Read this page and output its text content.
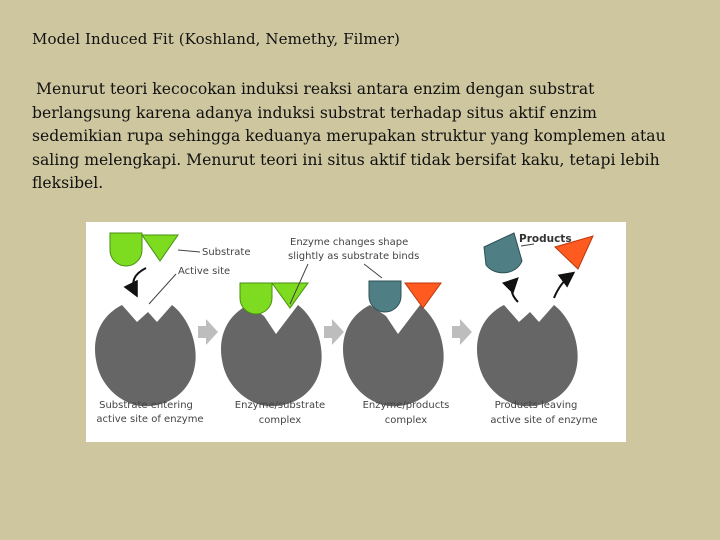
Model Induced Fit (Koshland, Nemethy, Filmer)
Menurut teori kecocokan induksi reaksi antara enzim dengan substrat berlangsung karena adanya induksi substrat terhadap situs aktif enzim sedemikian rupa sehingga keduanya merupakan struktur yang komplemen atau saling melengkapi. Menurut teori ini situs aktif tidak bersifat kaku, tetapi lebih fleksibel.
Substrate
Active site
Enzyme changes shape
slightly as substrate binds
Products
Substrate entering
active site of enzyme
Enzyme/substrate
complex
Enzyme/products
complex
Products leaving
active site of enzyme
